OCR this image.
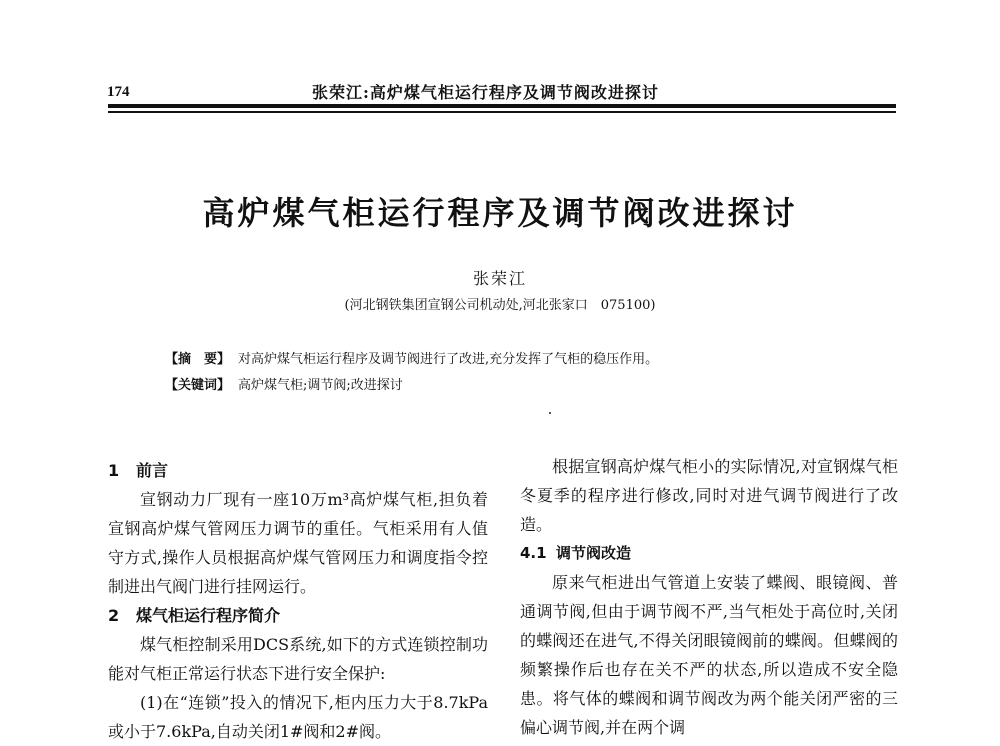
174	张荣江:高炉煤气柜运行程序及调节阀改进探讨
高炉煤气柜运行程序及调节阀改进探讨
张荣江
(河北钢铁集团宣钢公司机动处,河北张家口　075100)
【摘　要】 对高炉煤气柜运行程序及调节阀进行了改进,充分发挥了气柜的稳压作用。
【关键词】 高炉煤气柜;调节阀;改进探讨
1 前言

宣钢动力厂现有一座10万m³高炉煤气柜,担负着宣钢高炉煤气管网压力调节的重任。气柜采用有人值守方式,操作人员根据高炉煤气管网压力和调度指令控制进出气阀门进行挂网运行。

2 煤气柜运行程序简介

煤气柜控制采用DCS系统,如下的方式连锁控制功能对气柜正常运行状态下进行安全保护:

(1)在“连锁”投入的情况下,柜内压力大于8.7kPa或小于7.6kPa,自动关闭1#阀和2#阀。

根据宣钢高炉煤气柜小的实际情况,对宣钢煤气柜冬夏季的程序进行修改,同时对进气调节阀进行了改造。

4.1 调节阀改造

原来气柜进出气管道上安装了蝶阀、眼镜阀、普通调节阀,但由于调节阀不严,当气柜处于高位时,关闭的蝶阀还在进气,不得关闭眼镜阀前的蝶阀。但蝶阀的频繁操作后也存在关不严的状态,所以造成不安全隐患。将气体的蝶阀和调节阀改为两个能关闭严密的三偏心调节阀,并在两个调
